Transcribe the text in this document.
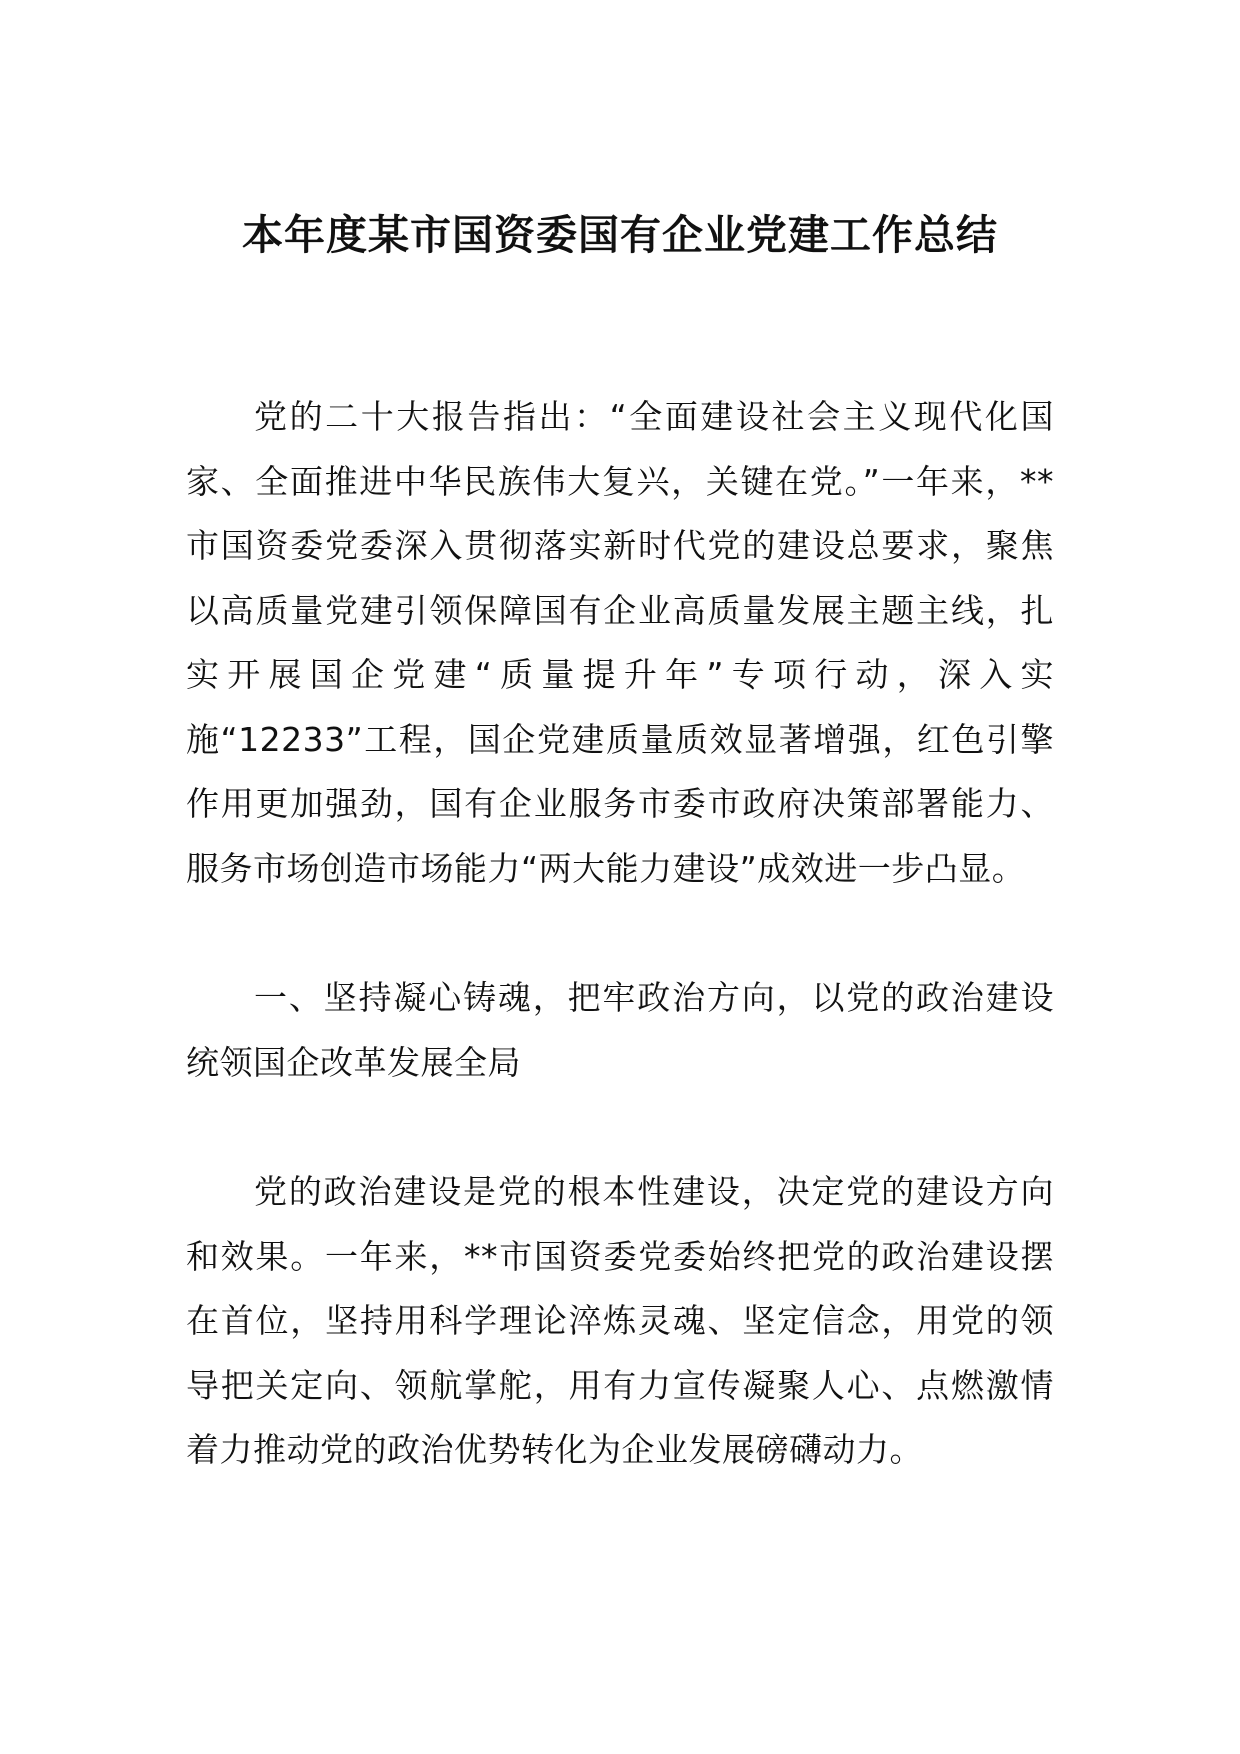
本年度某市国资委国有企业党建工作总结

党的二十大报告指出：“全面建设社会主义现代化国家、全面推进中华民族伟大复兴，关键在党。”一年来，**市国资委党委深入贯彻落实新时代党的建设总要求，聚焦以高质量党建引领保障国有企业高质量发展主题主线，扎实开展国企党建“质量提升年”专项行动，深入实施“12233”工程，国企党建质量质效显著增强，红色引擎作用更加强劲，国有企业服务市委市政府决策部署能力、服务市场创造市场能力“两大能力建设”成效进一步凸显。

一、坚持凝心铸魂，把牢政治方向，以党的政治建设统领国企改革发展全局

党的政治建设是党的根本性建设，决定党的建设方向和效果。一年来，**市国资委党委始终把党的政治建设摆在首位，坚持用科学理论淬炼灵魂、坚定信念，用党的领导把关定向、领航掌舵，用有力宣传凝聚人心、点燃激情着力推动党的政治优势转化为企业发展磅礴动力。
